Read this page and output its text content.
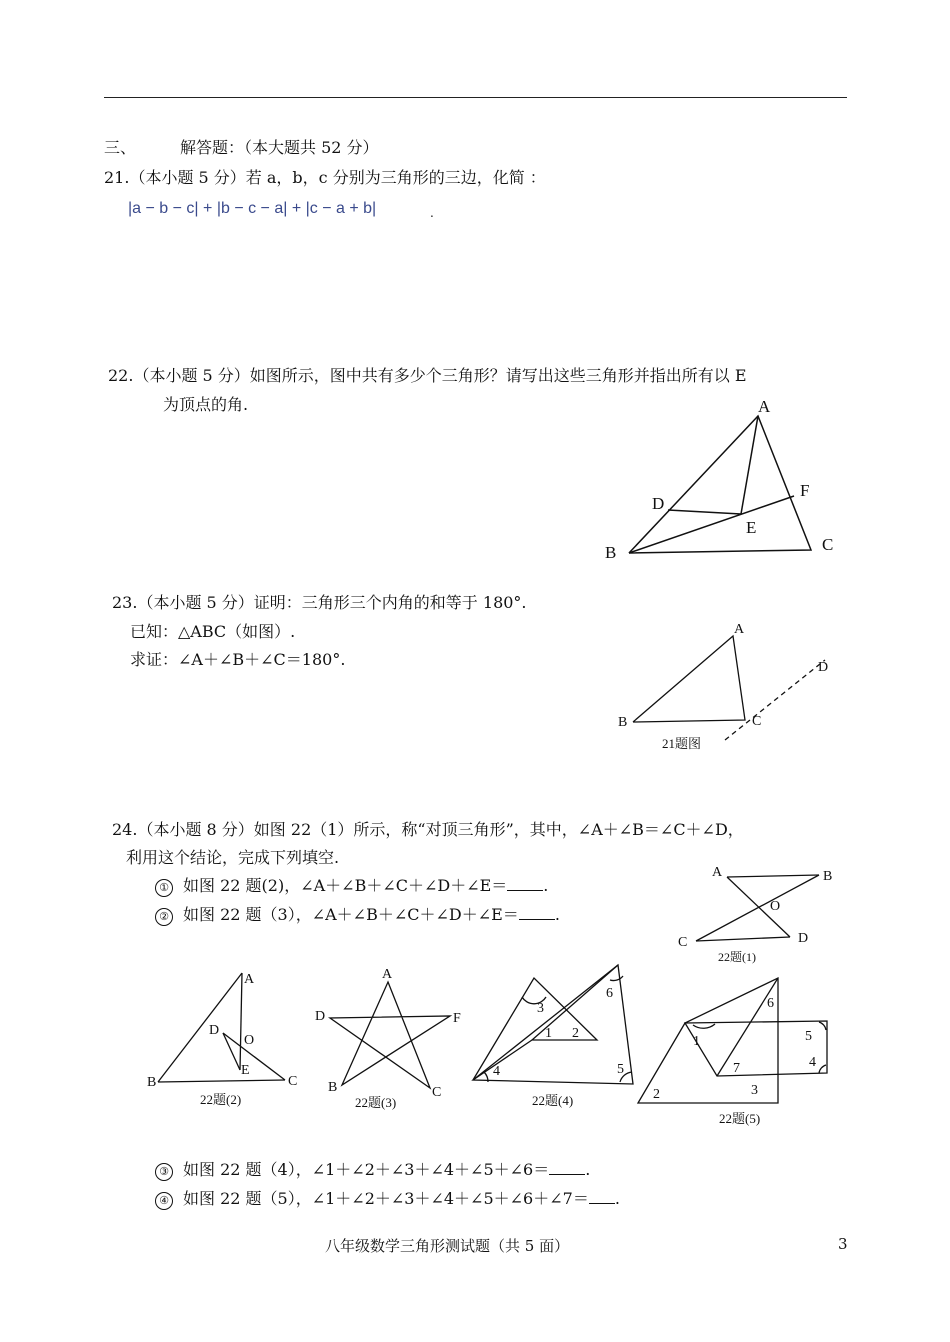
三、	解答题：（本大题共 52 分）
21.（本小题 5 分）若 a，b，c 分别为三角形的三边，化简 ：
|a − b − c| + |b − c − a| + |c − a + b|	.
22.（本小题 5 分）如图所示，图中共有多少个三角形？请写出这些三角形并指出所有以 E
为顶点的角.	A
B	C
D
E
F
23.（本小题 5 分）证明：三角形三个内角的和等于 180°.
已知：△ABC（如图）.
求证：∠A＋∠B＋∠C＝180°.
A
B	C
D
21题图
24.（本小题 8 分）如图 22（1）所示，称“对顶三角形”，其中，∠A＋∠B＝∠C＋∠D，
利用这个结论，完成下列填空.
① 如图 22 题(2)，∠A＋∠B＋∠C＋∠D＋∠E＝ .
② 如图 22 题（3），∠A＋∠B＋∠C＋∠D＋∠E＝ .
A	B
C	D
O
22题(1)
A
B	C
D
E
O
22题(2)
A
B	C
D	F
22题(3)
1 2
3
4	5
6
22题(4)
1
2	3
4
5
6
7
22题(5)
③ 如图 22 题（4），∠1＋∠2＋∠3＋∠4＋∠5＋∠6＝ .
④ 如图 22 题（5），∠1＋∠2＋∠3＋∠4＋∠5＋∠6＋∠7＝ .
八年级数学三角形测试题（共 5 面）	3
